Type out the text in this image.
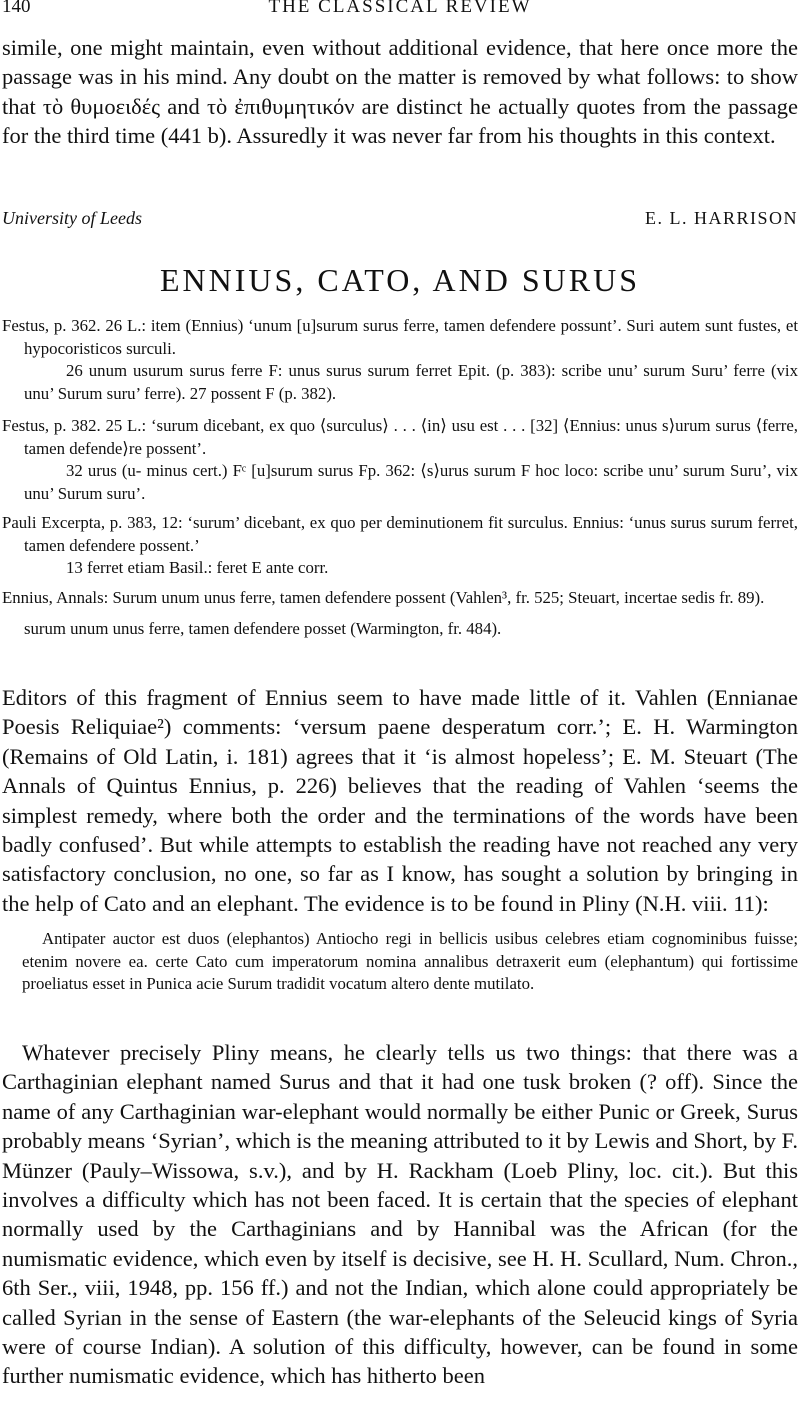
140	THE CLASSICAL REVIEW

simile, one might maintain, even without additional evidence, that here once more the passage was in his mind. Any doubt on the matter is removed by what follows: to show that τὸ θυμοειδές and τὸ ἐπιθυμητικόν are distinct he actually quotes from the passage for the third time (441 b). Assuredly it was never far from his thoughts in this context.

University of Leeds	E. L. HARRISON
ENNIUS, CATO, AND SURUS

Festus, p. 362. 26 L.: item (Ennius) ‘unum [u]surum surus ferre, tamen defendere possunt’. Suri autem sunt fustes, et hypocoristicos surculi.

26 unum usurum surus ferre F: unus surus surum ferret Epit. (p. 383): scribe unu’ surum Suru’ ferre (vix unu’ Surum suru’ ferre). 27 possent F (p. 382).

Festus, p. 382. 25 L.: ‘surum dicebant, ex quo ⟨surculus⟩ . . . ⟨in⟩ usu est . . . [32] ⟨Ennius: unus s⟩urum surus ⟨ferre, tamen defende⟩re possent’.

32 urus (u- minus cert.) Fᶜ [u]surum surus Fp. 362: ⟨s⟩urus surum F hoc loco: scribe unu’ surum Suru’, vix unu’ Surum suru’.

Pauli Excerpta, p. 383, 12: ‘surum’ dicebant, ex quo per deminutionem fit surculus. Ennius: ‘unus surus surum ferret, tamen defendere possent.’

13 ferret etiam Basil.: feret E ante corr.

Ennius, Annals: Surum unum unus ferre, tamen defendere possent (Vahlen³, fr. 525; Steuart, incertae sedis fr. 89).

surum unum unus ferre, tamen defendere posset (Warmington, fr. 484).

Editors of this fragment of Ennius seem to have made little of it. Vahlen (Ennianae Poesis Reliquiae²) comments: ‘versum paene desperatum corr.’; E. H. Warmington (Remains of Old Latin, i. 181) agrees that it ‘is almost hopeless’; E. M. Steuart (The Annals of Quintus Ennius, p. 226) believes that the reading of Vahlen ‘seems the simplest remedy, where both the order and the terminations of the words have been badly confused’. But while attempts to establish the reading have not reached any very satisfactory conclusion, no one, so far as I know, has sought a solution by bringing in the help of Cato and an elephant. The evidence is to be found in Pliny (N.H. viii. 11):

Antipater auctor est duos (elephantos) Antiocho regi in bellicis usibus celebres etiam cognominibus fuisse; etenim novere ea. certe Cato cum imperatorum nomina annalibus detraxerit eum (elephantum) qui fortissime proeliatus esset in Punica acie Surum tradidit vocatum altero dente mutilato.

Whatever precisely Pliny means, he clearly tells us two things: that there was a Carthaginian elephant named Surus and that it had one tusk broken (? off). Since the name of any Carthaginian war-elephant would normally be either Punic or Greek, Surus probably means ‘Syrian’, which is the meaning attributed to it by Lewis and Short, by F. Münzer (Pauly–Wissowa, s.v.), and by H. Rackham (Loeb Pliny, loc. cit.). But this involves a difficulty which has not been faced. It is certain that the species of elephant normally used by the Carthaginians and by Hannibal was the African (for the numismatic evidence, which even by itself is decisive, see H. H. Scullard, Num. Chron., 6th Ser., viii, 1948, pp. 156 ff.) and not the Indian, which alone could appropriately be called Syrian in the sense of Eastern (the war-elephants of the Seleucid kings of Syria were of course Indian). A solution of this difficulty, however, can be found in some further numismatic evidence, which has hitherto been
